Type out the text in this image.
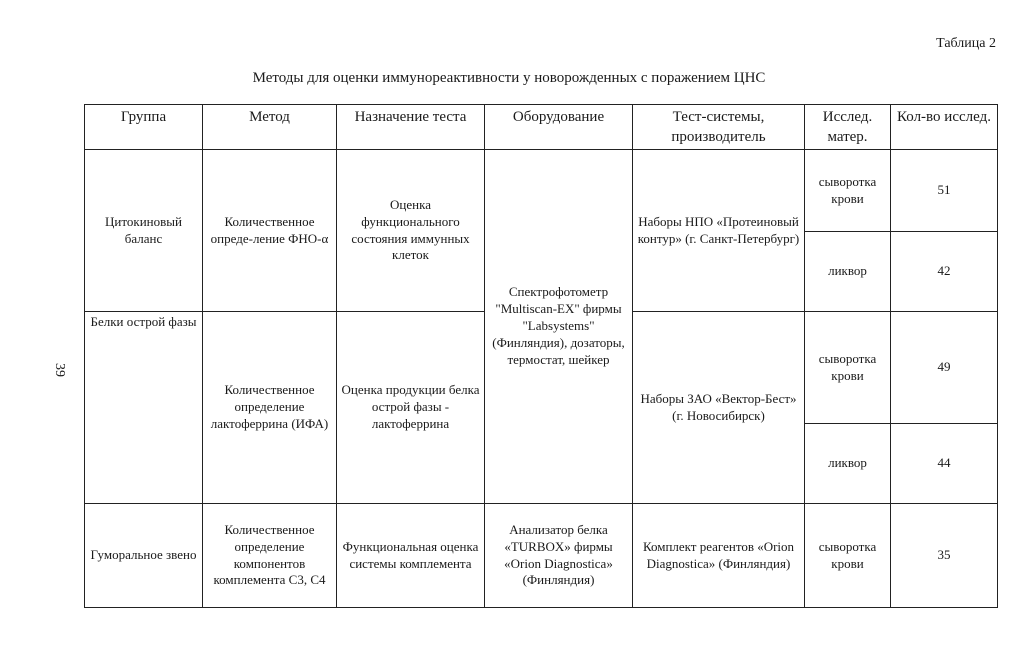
Таблица 2
Методы для оценки иммунореактивности у новорожденных с поражением ЦНС
39
Группа	Метод	Назначение теста	Оборудование	Тест-системы, производитель	Исслед. матер.	Кол-во исслед.
Цитокиновый баланс	Количественное опреде-ление ФНО-α	Оценка функционального состояния иммунных клеток	Спектрофотометр "Multiscan-EX" фирмы "Labsystems" (Финляндия), дозаторы, термостат, шейкер	Наборы НПО «Протеиновый контур» (г. Санкт-Петербург)	сыворотка крови	51
					ликвор	42
Белки острой фазы	Количественное определение лактоферрина (ИФА)	Оценка продукции белка острой фазы - лактоферрина		Наборы ЗАО «Вектор-Бест» (г. Новосибирск)	сыворотка крови	49
					ликвор	44
Гуморальное звено	Количественное определение компонентов комплемента С3, С4	Функциональная оценка системы комплемента	Анализатор белка «TURBOX» фирмы «Orion Diagnostica» (Финляндия)	Комплект реагентов «Orion Diagnostica» (Финляндия)	сыворотка крови	35
